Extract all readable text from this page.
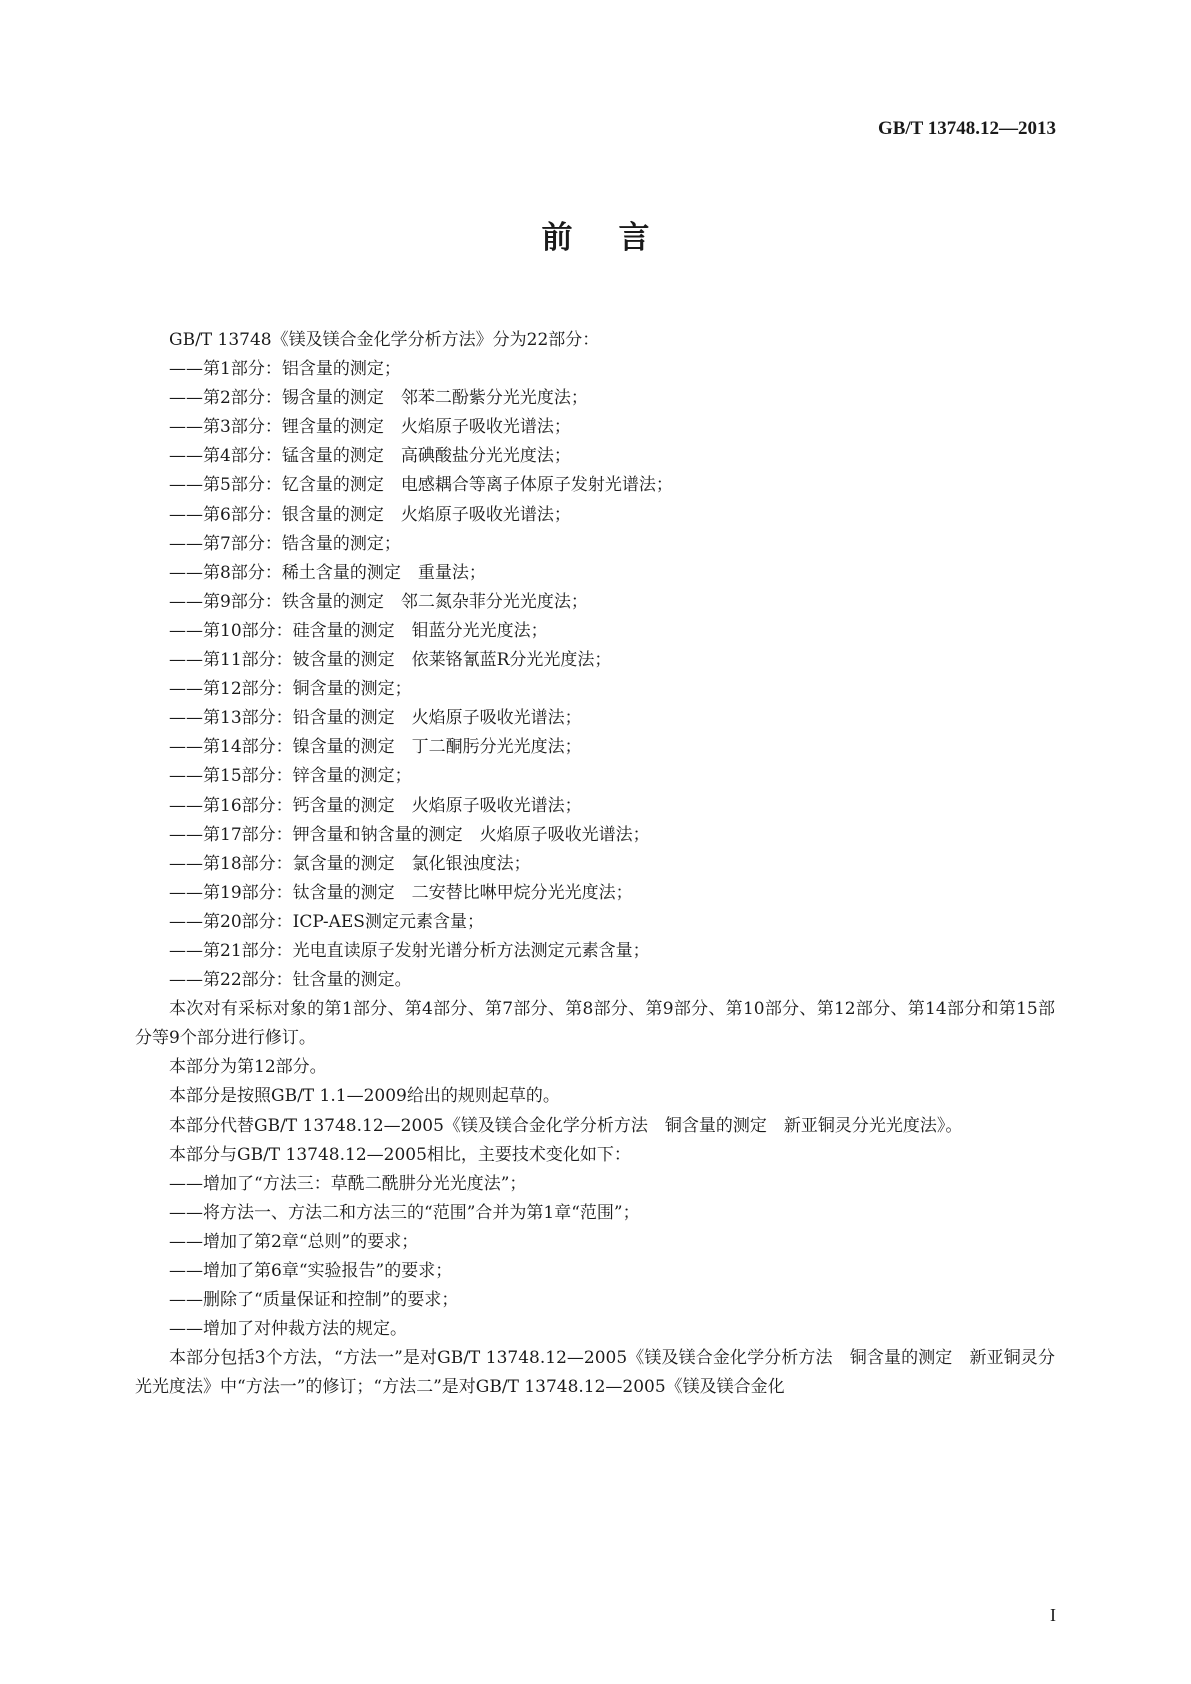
GB/T 13748.12—2013
前言

GB/T 13748《镁及镁合金化学分析方法》分为22部分：

——第1部分：铝含量的测定；
——第2部分：锡含量的测定　邻苯二酚紫分光光度法；
——第3部分：锂含量的测定　火焰原子吸收光谱法；
——第4部分：锰含量的测定　高碘酸盐分光光度法；
——第5部分：钇含量的测定　电感耦合等离子体原子发射光谱法；
——第6部分：银含量的测定　火焰原子吸收光谱法；
——第7部分：锆含量的测定；
——第8部分：稀土含量的测定　重量法；
——第9部分：铁含量的测定　邻二氮杂菲分光光度法；
——第10部分：硅含量的测定　钼蓝分光光度法；
——第11部分：铍含量的测定　依莱铬氰蓝R分光光度法；
——第12部分：铜含量的测定；
——第13部分：铅含量的测定　火焰原子吸收光谱法；
——第14部分：镍含量的测定　丁二酮肟分光光度法；
——第15部分：锌含量的测定；
——第16部分：钙含量的测定　火焰原子吸收光谱法；
——第17部分：钾含量和钠含量的测定　火焰原子吸收光谱法；
——第18部分：氯含量的测定　氯化银浊度法；
——第19部分：钛含量的测定　二安替比啉甲烷分光光度法；
——第20部分：ICP-AES测定元素含量；
——第21部分：光电直读原子发射光谱分析方法测定元素含量；
——第22部分：钍含量的测定。

本次对有采标对象的第1部分、第4部分、第7部分、第8部分、第9部分、第10部分、第12部分、第14部分和第15部分等9个部分进行修订。

本部分为第12部分。

本部分是按照GB/T 1.1—2009给出的规则起草的。

本部分代替GB/T 13748.12—2005《镁及镁合金化学分析方法　铜含量的测定　新亚铜灵分光光度法》。

本部分与GB/T 13748.12—2005相比，主要技术变化如下：

——增加了“方法三：草酰二酰肼分光光度法”；
——将方法一、方法二和方法三的“范围”合并为第1章“范围”；
——增加了第2章“总则”的要求；
——增加了第6章“实验报告”的要求；
——删除了“质量保证和控制”的要求；
——增加了对仲裁方法的规定。

本部分包括3个方法，“方法一”是对GB/T 13748.12—2005《镁及镁合金化学分析方法　铜含量的测定　新亚铜灵分光光度法》中“方法一”的修订；“方法二”是对GB/T 13748.12—2005《镁及镁合金化

I
